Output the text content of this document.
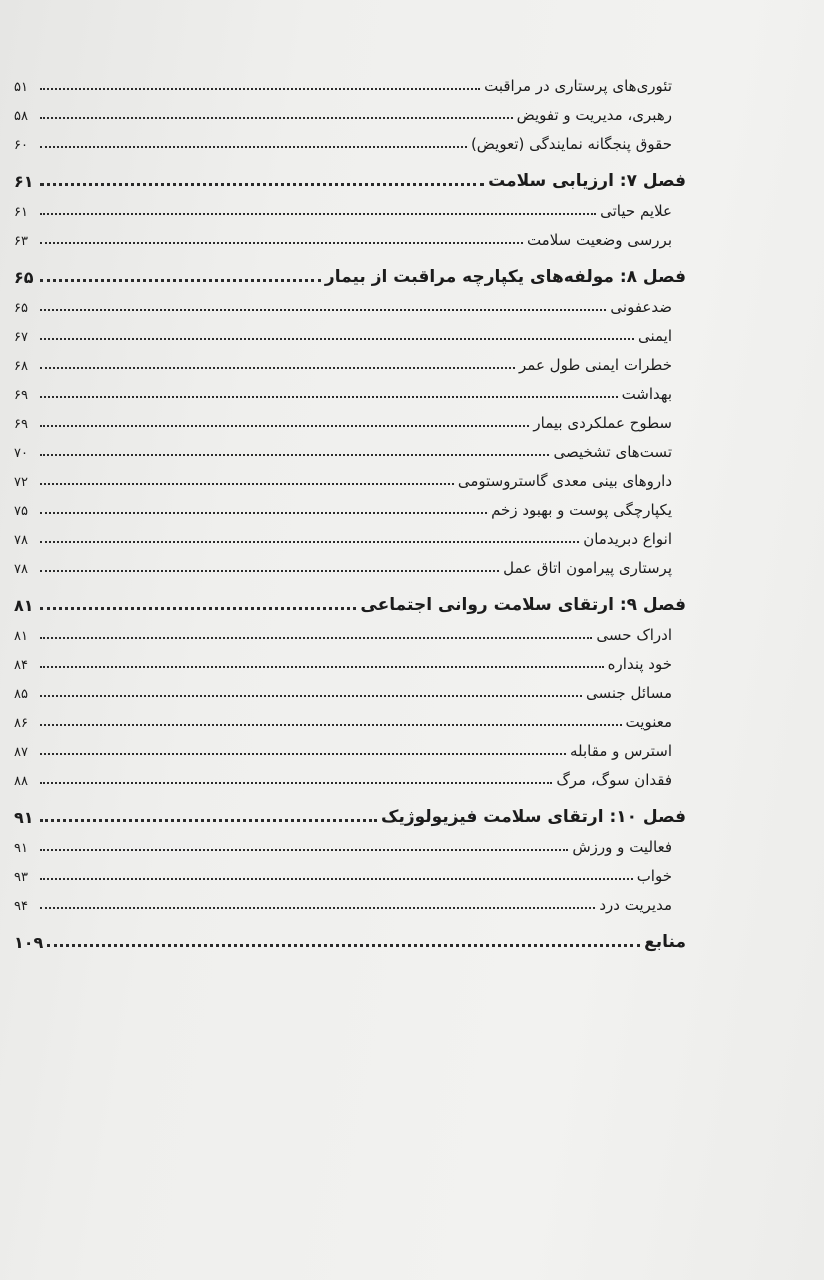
تئوری‌های پرستاری در مراقبت
۵۱
رهبری، مدیریت و تفویض
۵۸
حقوق پنجگانه نمایندگی (تعویض)
۶۰
فصل ۷: ارزیابی سلامت
۶۱
علایم حیاتی
۶۱
بررسی وضعیت سلامت
۶۳
فصل ۸: مولفه‌های یکپارچه مراقبت از بیمار
۶۵
ضدعفونی
۶۵
ایمنی
۶۷
خطرات ایمنی طول عمر
۶۸
بهداشت
۶۹
سطوح عملکردی بیمار
۶۹
تست‌های تشخیصی
۷۰
داروهای بینی معدی گاستروستومی
۷۲
یکپارچگی پوست و بهبود زخم
۷۵
انواع دبریدمان
۷۸
پرستاری پیرامون اتاق عمل
۷۸
فصل ۹: ارتقای سلامت روانی اجتماعی
۸۱
ادراک حسی
۸۱
خود پنداره
۸۴
مسائل جنسی
۸۵
معنویت
۸۶
استرس و مقابله
۸۷
فقدان سوگ، مرگ
۸۸
فصل ۱۰: ارتقای سلامت فیزیولوژیک
۹۱
فعالیت و ورزش
۹۱
خواب
۹۳
مدیریت درد
۹۴
منابع
۱۰۹
